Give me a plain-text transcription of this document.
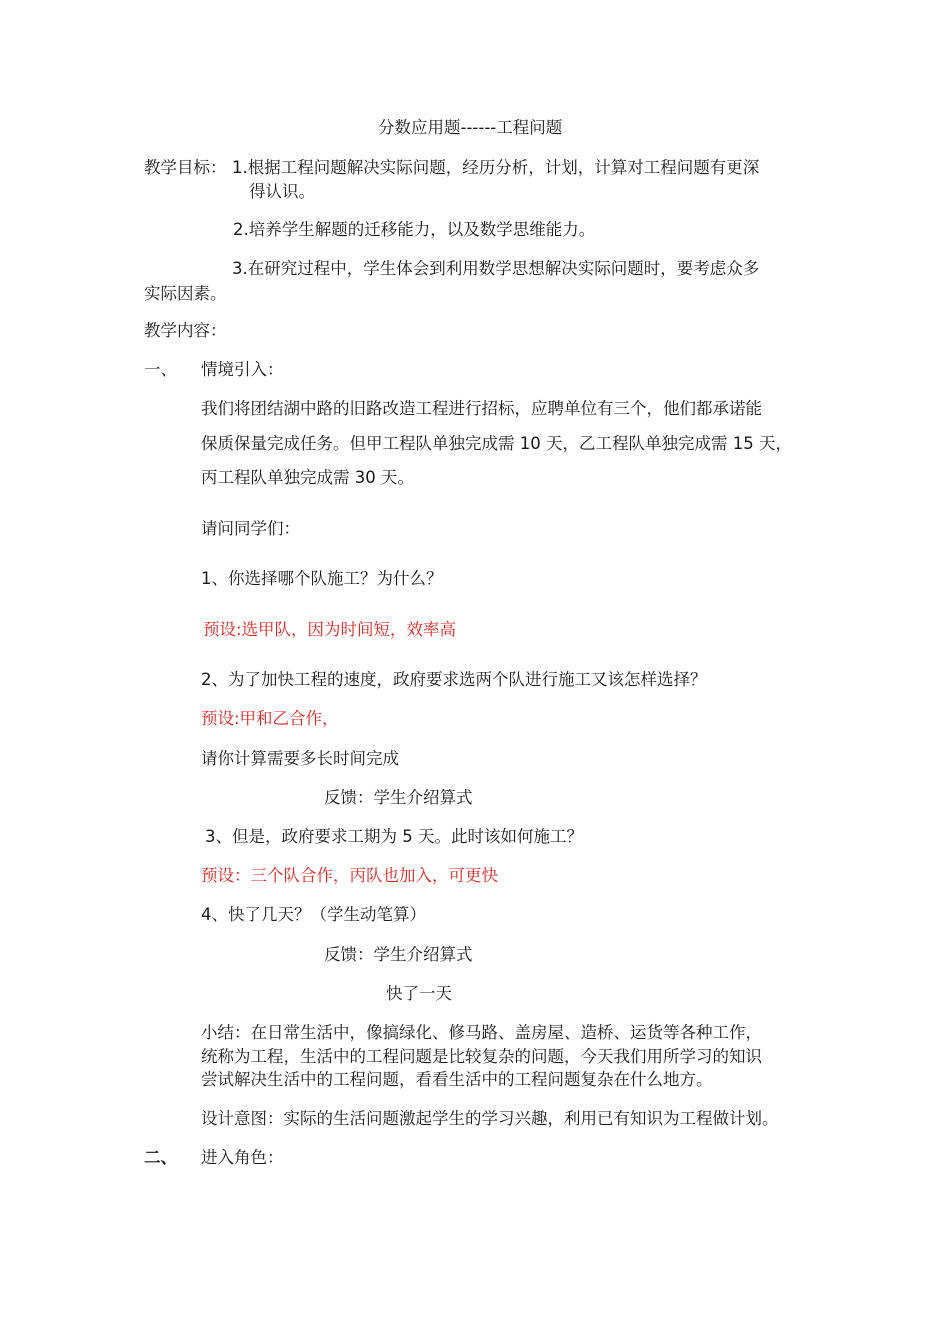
分数应用题------工程问题
教学目标： 1.根据工程问题解决实际问题，经历分析，计划，计算对工程问题有更深
得认识。
2.培养学生解题的迁移能力，以及数学思维能力。
3.在研究过程中，学生体会到利用数学思想解决实际问题时，要考虑众多
实际因素。
教学内容：
一、 情境引入：
我们将团结湖中路的旧路改造工程进行招标，应聘单位有三个，他们都承诺能
保质保量完成任务。但甲工程队单独完成需 10 天，乙工程队单独完成需 15 天，
丙工程队单独完成需 30 天。
请问同学们：
1、你选择哪个队施工？为什么？
预设:选甲队，因为时间短，效率高
2、为了加快工程的速度，政府要求选两个队进行施工又该怎样选择？
预设:甲和乙合作，
请你计算需要多长时间完成
反馈：学生介绍算式
3、但是，政府要求工期为 5 天。此时该如何施工？
预设：三个队合作，丙队也加入，可更快
4、快了几天？（学生动笔算）
反馈：学生介绍算式
快了一天
小结：在日常生活中，像搞绿化、修马路、盖房屋、造桥、运货等各种工作，
统称为工程，生活中的工程问题是比较复杂的问题，今天我们用所学习的知识
尝试解决生活中的工程问题，看看生活中的工程问题复杂在什么地方。
设计意图：实际的生活问题激起学生的学习兴趣，利用已有知识为工程做计划。
二、 进入角色：
